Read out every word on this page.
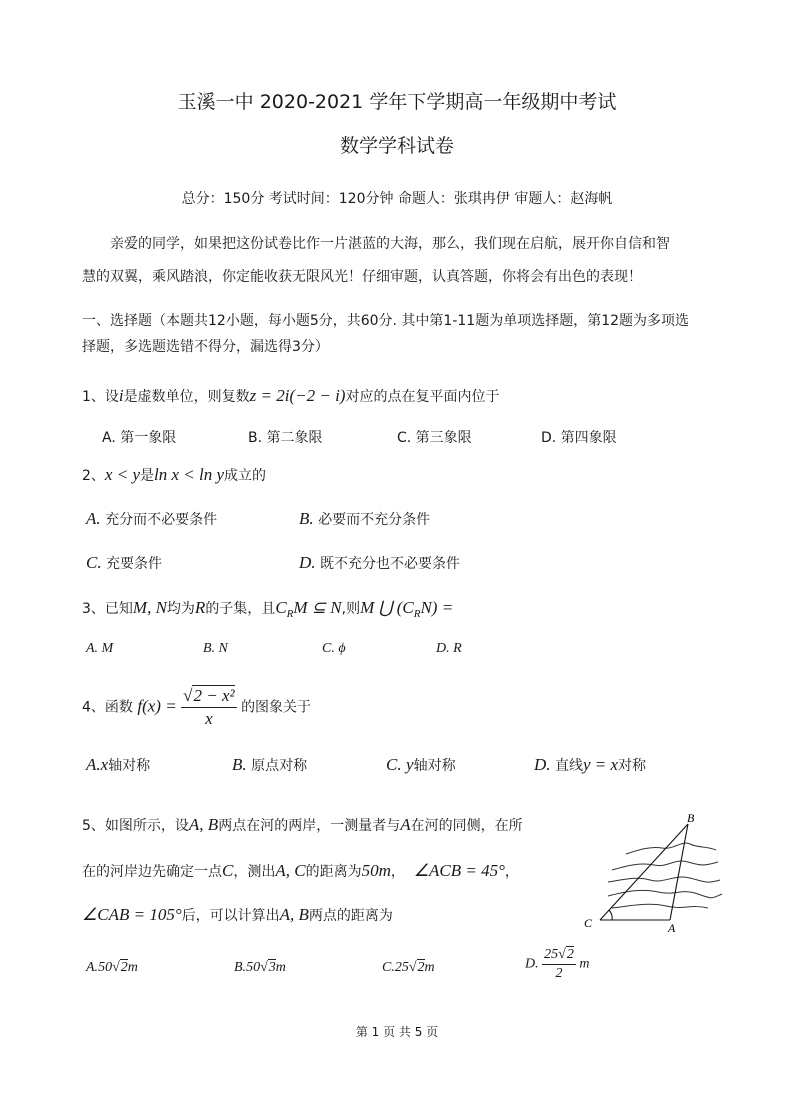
玉溪一中 2020-2021 学年下学期高一年级期中考试
数学学科试卷
总分：150分 考试时间：120分钟 命题人：张琪冉伊 审题人：赵海帆
亲爱的同学，如果把这份试卷比作一片湛蓝的大海，那么，我们现在启航，展开你自信和智
慧的双翼，乘风踏浪，你定能收获无限风光！仔细审题，认真答题，你将会有出色的表现！
一、选择题（本题共12小题，每小题5分，共60分. 其中第1-11题为单项选择题，第12题为多项选
择题，多选题选错不得分，漏选得3分）
1、设i是虚数单位，则复数z = 2i(−2 − i)对应的点在复平面内位于
A. 第一象限	B. 第二象限	C. 第三象限	D. 第四象限
2、x < y是ln x < ln y成立的
A. 充分而不必要条件	B. 必要而不充分条件
C. 充要条件	D. 既不充分也不必要条件
3、已知M, N均为R的子集，且$C_RM$ ⊆ N,则M ⋃ $(C_RN)$ =
A. M	B. N	C. ϕ	D. R
4、函数 $f(x) = \frac{\text{√2 − x²}}{x}$ 的图象关于
A.x轴对称	B. 原点对称	C. y轴对称	D. 直线y = x对称
5、如图所示，设A, B两点在河的两岸，一测量者与A在河的同侧，在所
在的河岸边先确定一点C，测出A, C的距离为50m， ∠ACB = 45°，
∠CAB = 105°后，可以计算出A, B两点的距离为
B
C	A
A.50√2m	B.50√3m	C.25√2m	D. $\frac{25√2}{2}$ m
第 1 页 共 5 页
